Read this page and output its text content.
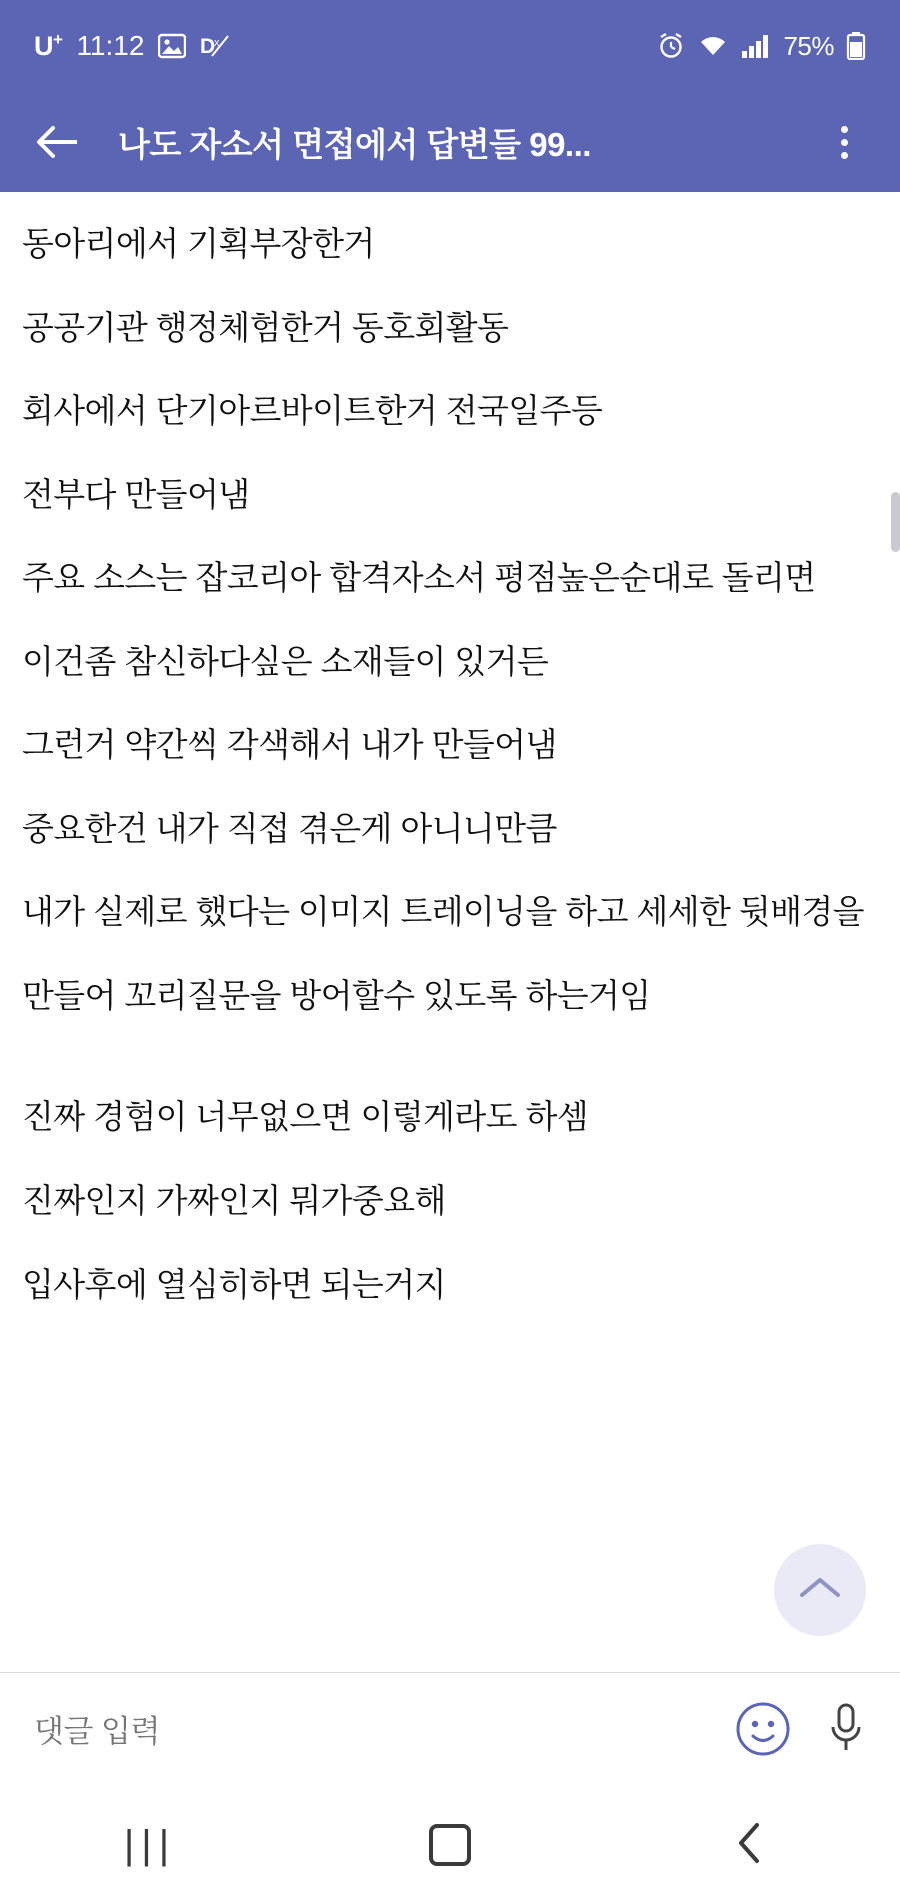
U+ 11:12	D
x	75%
나도 자소서 면접에서 답변들 99...
동아리에서 기획부장한거
공공기관 행정체험한거 동호회활동
회사에서 단기아르바이트한거 전국일주등
전부다 만들어냄
주요 소스는 잡코리아 합격자소서 평점높은순대로 돌리면
이건좀 참신하다싶은 소재들이 있거든
그런거 약간씩 각색해서 내가 만들어냄
중요한건 내가 직접 겪은게 아니니만큼
내가 실제로 했다는 이미지 트레이닝을 하고 세세한 뒷배경을
만들어 꼬리질문을 방어할수 있도록 하는거임
진짜 경험이 너무없으면 이렇게라도 하셈
진짜인지 가짜인지 뭐가중요해
입사후에 열심히하면 되는거지
댓글 입력
|||
